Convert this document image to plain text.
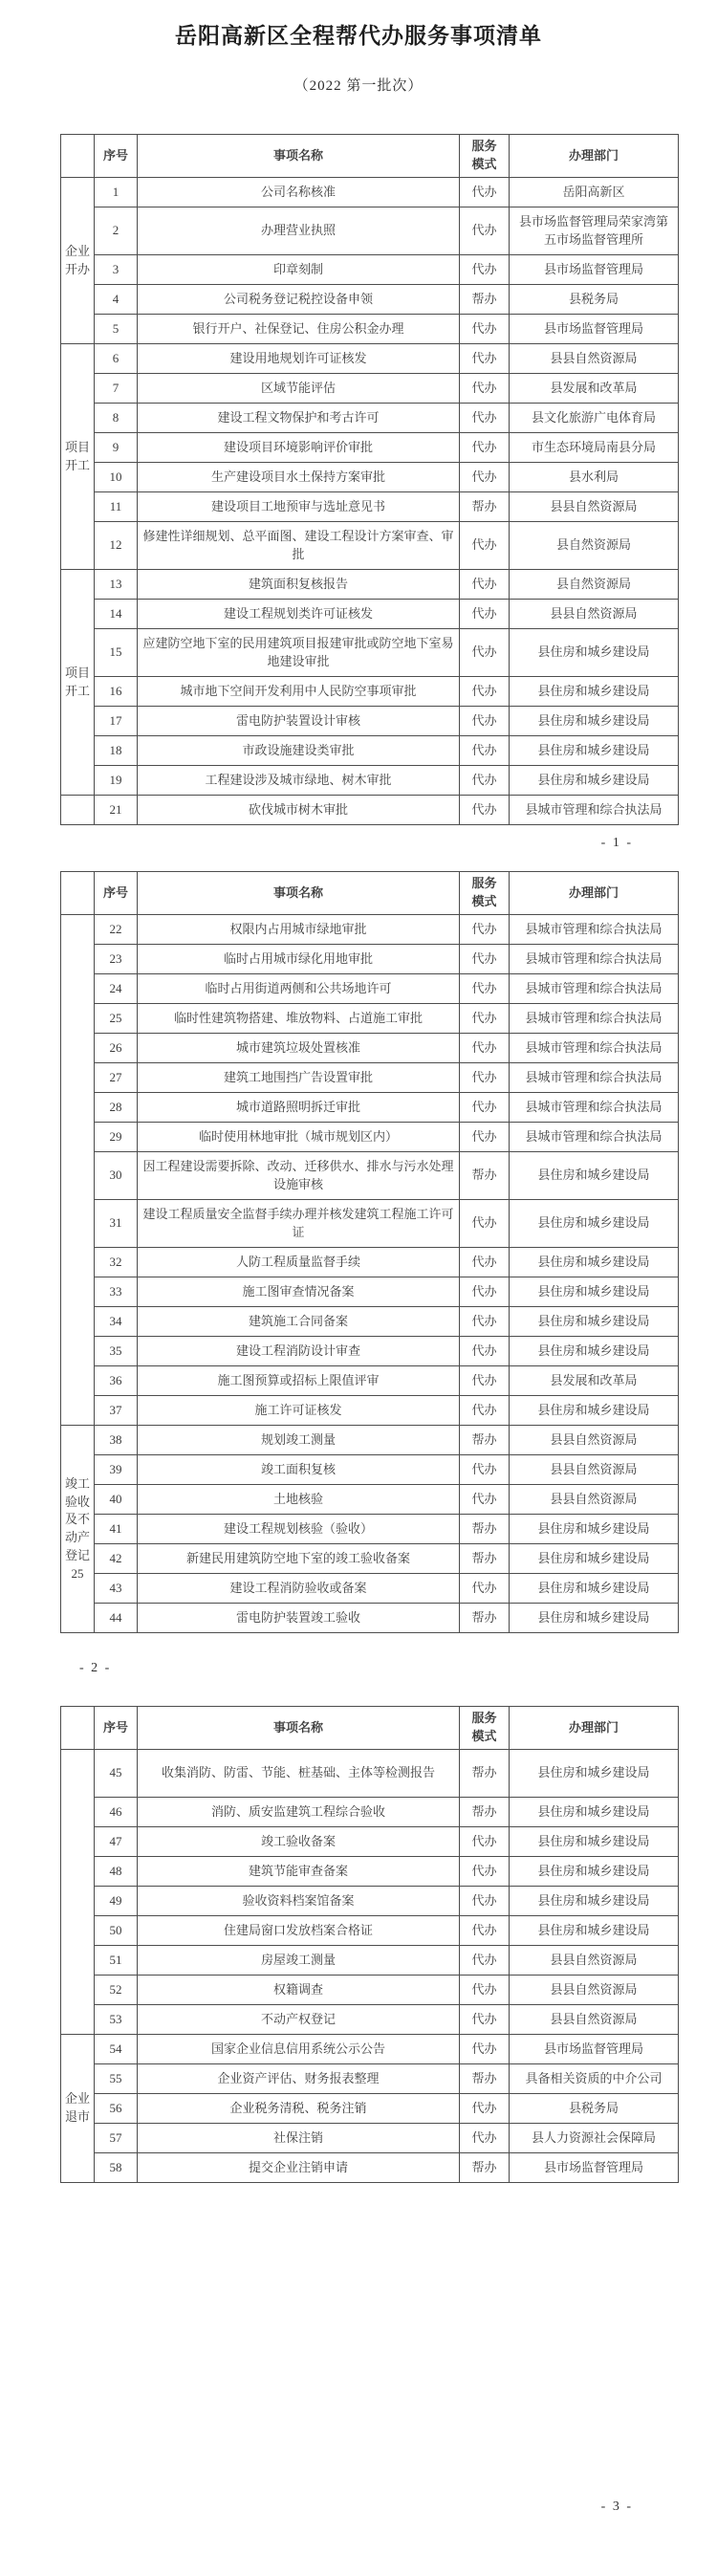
岳阳高新区全程帮代办服务事项清单
（2022 第一批次）
	序号	事项名称	服务
模式	办理部门
企业开办	1	公司名称核准	代办	岳阳高新区
	2	办理营业执照	代办	县市场监督管理局荣家湾第五市场监督管理所
	3	印章刻制	代办	县市场监督管理局
	4	公司税务登记税控设备申领	帮办	县税务局
	5	银行开户、社保登记、住房公积金办理	代办	县市场监督管理局
项目开工	6	建设用地规划许可证核发	代办	县县自然资源局
	7	区域节能评估	代办	县发展和改革局
	8	建设工程文物保护和考古许可	代办	县文化旅游广电体育局
	9	建设项目环境影响评价审批	代办	市生态环境局南县分局
	10	生产建设项目水土保持方案审批	代办	县水利局
	11	建设项目工地预审与选址意见书	帮办	县县自然资源局
	12	修建性详细规划、总平面图、建设工程设计方案审查、审批	代办	县自然资源局
项目开工	13	建筑面积复核报告	代办	县自然资源局
	14	建设工程规划类许可证核发	代办	县县自然资源局
	15	应建防空地下室的民用建筑项目报建审批或防空地下室易地建设审批	代办	县住房和城乡建设局
	16	城市地下空间开发利用中人民防空事项审批	代办	县住房和城乡建设局
	17	雷电防护装置设计审核	代办	县住房和城乡建设局
	18	市政设施建设类审批	代办	县住房和城乡建设局
	19	工程建设涉及城市绿地、树木审批	代办	县住房和城乡建设局
	21	砍伐城市树木审批	代办	县城市管理和综合执法局
- 1 -
	序号	事项名称	服务
模式	办理部门
	22	权限内占用城市绿地审批	代办	县城市管理和综合执法局
	23	临时占用城市绿化用地审批	代办	县城市管理和综合执法局
	24	临时占用街道两侧和公共场地许可	代办	县城市管理和综合执法局
	25	临时性建筑物搭建、堆放物料、占道施工审批	代办	县城市管理和综合执法局
	26	城市建筑垃圾处置核准	代办	县城市管理和综合执法局
	27	建筑工地围挡广告设置审批	代办	县城市管理和综合执法局
	28	城市道路照明拆迁审批	代办	县城市管理和综合执法局
	29	临时使用林地审批（城市规划区内）	代办	县城市管理和综合执法局
	30	因工程建设需要拆除、改动、迁移供水、排水与污水处理设施审核	帮办	县住房和城乡建设局
	31	建设工程质量安全监督手续办理并核发建筑工程施工许可证	代办	县住房和城乡建设局
	32	人防工程质量监督手续	代办	县住房和城乡建设局
	33	施工图审查情况备案	代办	县住房和城乡建设局
	34	建筑施工合同备案	代办	县住房和城乡建设局
	35	建设工程消防设计审查	代办	县住房和城乡建设局
	36	施工图预算或招标上限值评审	代办	县发展和改革局
	37	施工许可证核发	代办	县住房和城乡建设局
竣工验收及不动产登记25	38	规划竣工测量	帮办	县县自然资源局
	39	竣工面积复核	代办	县县自然资源局
	40	土地核验	代办	县县自然资源局
	41	建设工程规划核验（验收）	帮办	县住房和城乡建设局
	42	新建民用建筑防空地下室的竣工验收备案	帮办	县住房和城乡建设局
	43	建设工程消防验收或备案	代办	县住房和城乡建设局
	44	雷电防护装置竣工验收	帮办	县住房和城乡建设局
- 2 -
	序号	事项名称	服务
模式	办理部门
	45	收集消防、防雷、节能、桩基础、主体等检测报告	帮办	县住房和城乡建设局
	46	消防、质安监建筑工程综合验收	帮办	县住房和城乡建设局
	47	竣工验收备案	代办	县住房和城乡建设局
	48	建筑节能审查备案	代办	县住房和城乡建设局
	49	验收资料档案馆备案	代办	县住房和城乡建设局
	50	住建局窗口发放档案合格证	代办	县住房和城乡建设局
	51	房屋竣工测量	代办	县县自然资源局
	52	权籍调查	代办	县县自然资源局
	53	不动产权登记	代办	县县自然资源局
企业退市	54	国家企业信息信用系统公示公告	代办	县市场监督管理局
	55	企业资产评估、财务报表整理	帮办	具备相关资质的中介公司
	56	企业税务清税、税务注销	代办	县税务局
	57	社保注销	代办	县人力资源社会保障局
	58	提交企业注销申请	帮办	县市场监督管理局
- 3 -
